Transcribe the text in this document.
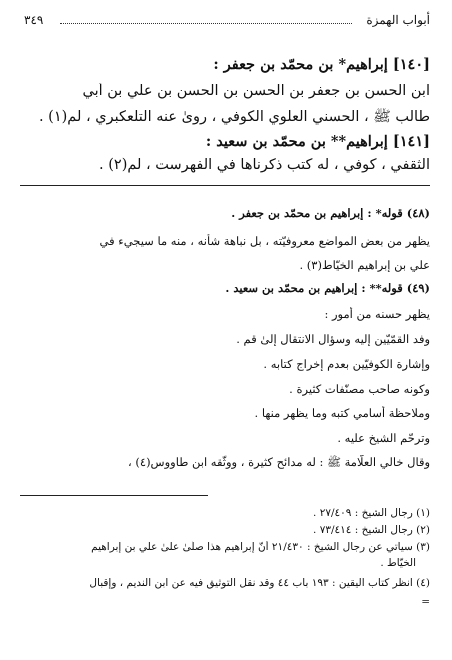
أبواب الهمزة
٣٤٩
[١٤٠] إبراهيم* بن محمّد بن جعفر :
ابن الحسن بن جعفر بن الحسن بن الحسن بن علي بن أبي
طالب ﷺ ، الحسني العلوي الكوفي ، روىٰ عنه التلعكبري ، لم(١) .
[١٤١] إبراهيم** بن محمّد بن سعيد :
الثقفي ، كوفي ، له كتب ذكرناها في الفهرست ، لم(٢) .
(٤٨) قوله* : إبراهيم بن محمّد بن جعفر .
يظهر من بعض المواضع معروفيّته ، بل نباهة شأنه ، منه ما سيجيء في
علي بن إبراهيم الخيّاط(٣) .
(٤٩) قوله** : إبراهيم بن محمّد بن سعيد .
يظهر حسنه من أُمور :
وفد القمّيّين إليه وسؤال الانتقال إلىٰ قم .
وإشارة الكوفيّين بعدم إخراج كتابه .
وكونه صاحب مصنّفات كثيرة .
وملاحظة أسامي كتبه وما يظهر منها .
وترحّم الشيخ عليه .
وقال خالي العلّامة ﷺ : له مدائح كثيرة ، ووثّقه ابن طاووس(٤) ،
(١) رجال الشيخ : ٢٧/٤٠٩ .
(٢) رجال الشيخ : ٧٣/٤١٤ .
(٣) سيأتي عن رجال الشيخ : ٢١/٤٣٠ أنّ إبراهيم هذا صلّىٰ علىٰ علي بن إبراهيم
الخيّاط .
(٤) انظر كتاب اليقين : ١٩٣ باب ٤٤ وقد نقل التوثيق فيه عن ابن النديم ، وإقبال
=
